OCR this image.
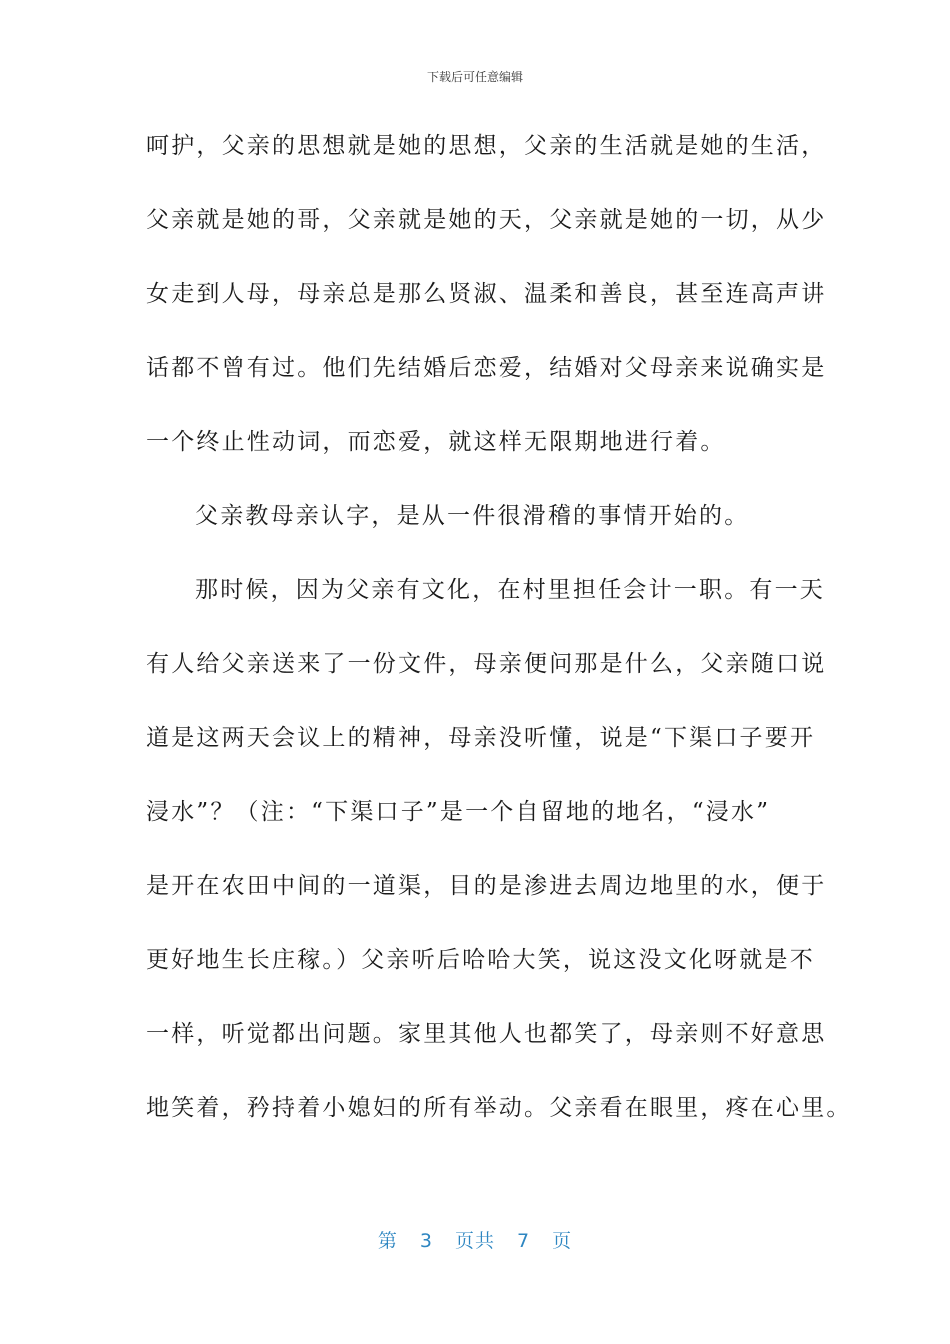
下载后可任意编辑
呵护，父亲的思想就是她的思想，父亲的生活就是她的生活，
父亲就是她的哥，父亲就是她的天，父亲就是她的一切，从少
女走到人母，母亲总是那么贤淑、温柔和善良，甚至连高声讲
话都不曾有过。他们先结婚后恋爱，结婚对父母亲来说确实是
一个终止性动词，而恋爱，就这样无限期地进行着。
父亲教母亲认字，是从一件很滑稽的事情开始的。
那时候，因为父亲有文化，在村里担任会计一职。有一天
有人给父亲送来了一份文件，母亲便问那是什么，父亲随口说
道是这两天会议上的精神，母亲没听懂，说是“下渠口子要开
浸水”？（注：“下渠口子”是一个自留地的地名，“浸水”
是开在农田中间的一道渠，目的是渗进去周边地里的水，便于
更好地生长庄稼。）父亲听后哈哈大笑，说这没文化呀就是不
一样，听觉都出问题。家里其他人也都笑了，母亲则不好意思
地笑着，矜持着小媳妇的所有举动。父亲看在眼里，疼在心里。
第 3 页共 7 页
